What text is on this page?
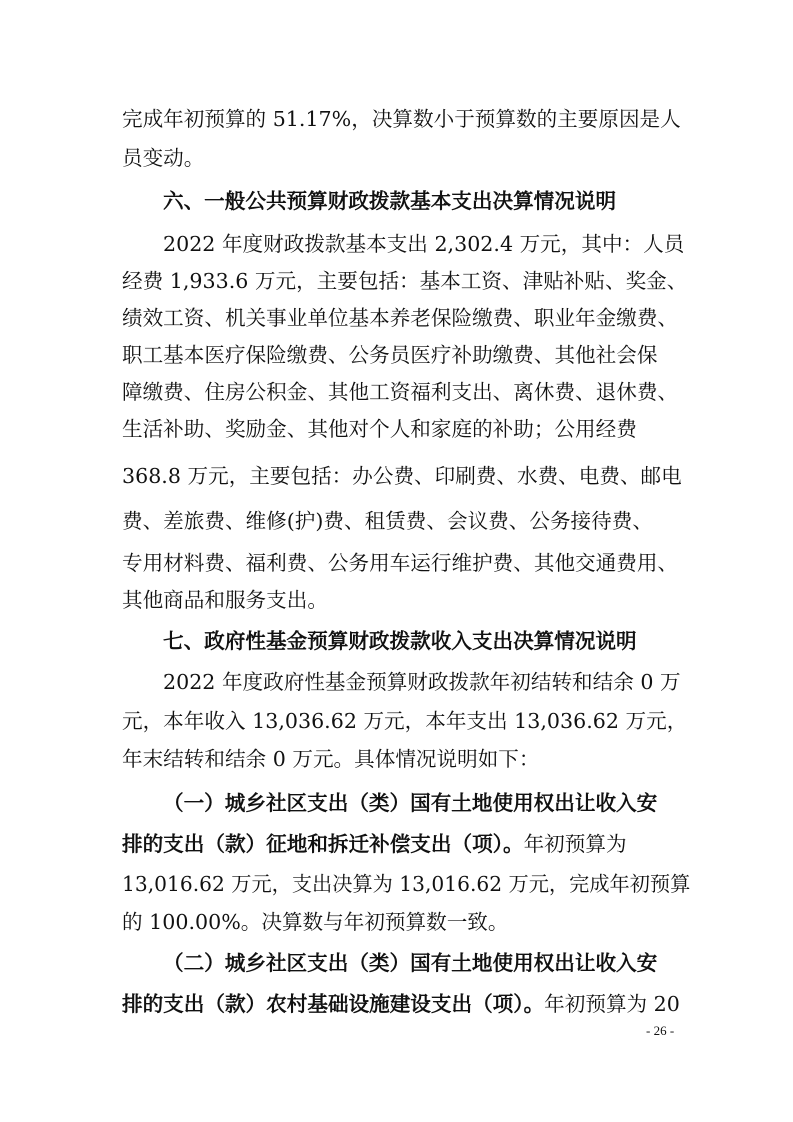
完成年初预算的 51.17%，决算数小于预算数的主要原因是人
员变动。
六、一般公共预算财政拨款基本支出决算情况说明
2022 年度财政拨款基本支出 2,302.4 万元，其中：人员
经费 1,933.6 万元，主要包括：基本工资、津贴补贴、奖金、
绩效工资、机关事业单位基本养老保险缴费、职业年金缴费、
职工基本医疗保险缴费、公务员医疗补助缴费、其他社会保
障缴费、住房公积金、其他工资福利支出、离休费、退休费、
生活补助、奖励金、其他对个人和家庭的补助；公用经费
368.8 万元，主要包括：办公费、印刷费、水费、电费、邮电
费、差旅费、维修(护)费、租赁费、会议费、公务接待费、
专用材料费、福利费、公务用车运行维护费、其他交通费用、
其他商品和服务支出。
七、政府性基金预算财政拨款收入支出决算情况说明
2022 年度政府性基金预算财政拨款年初结转和结余 0 万
元，本年收入 13,036.62 万元，本年支出 13,036.62 万元，
年末结转和结余 0 万元。具体情况说明如下：
（一）城乡社区支出（类）国有土地使用权出让收入安
排的支出（款）征地和拆迁补偿支出（项）。年初预算为
13,016.62 万元，支出决算为 13,016.62 万元，完成年初预算
的 100.00%。决算数与年初预算数一致。
（二）城乡社区支出（类）国有土地使用权出让收入安
排的支出（款）农村基础设施建设支出（项）。年初预算为 20
- 26 -
